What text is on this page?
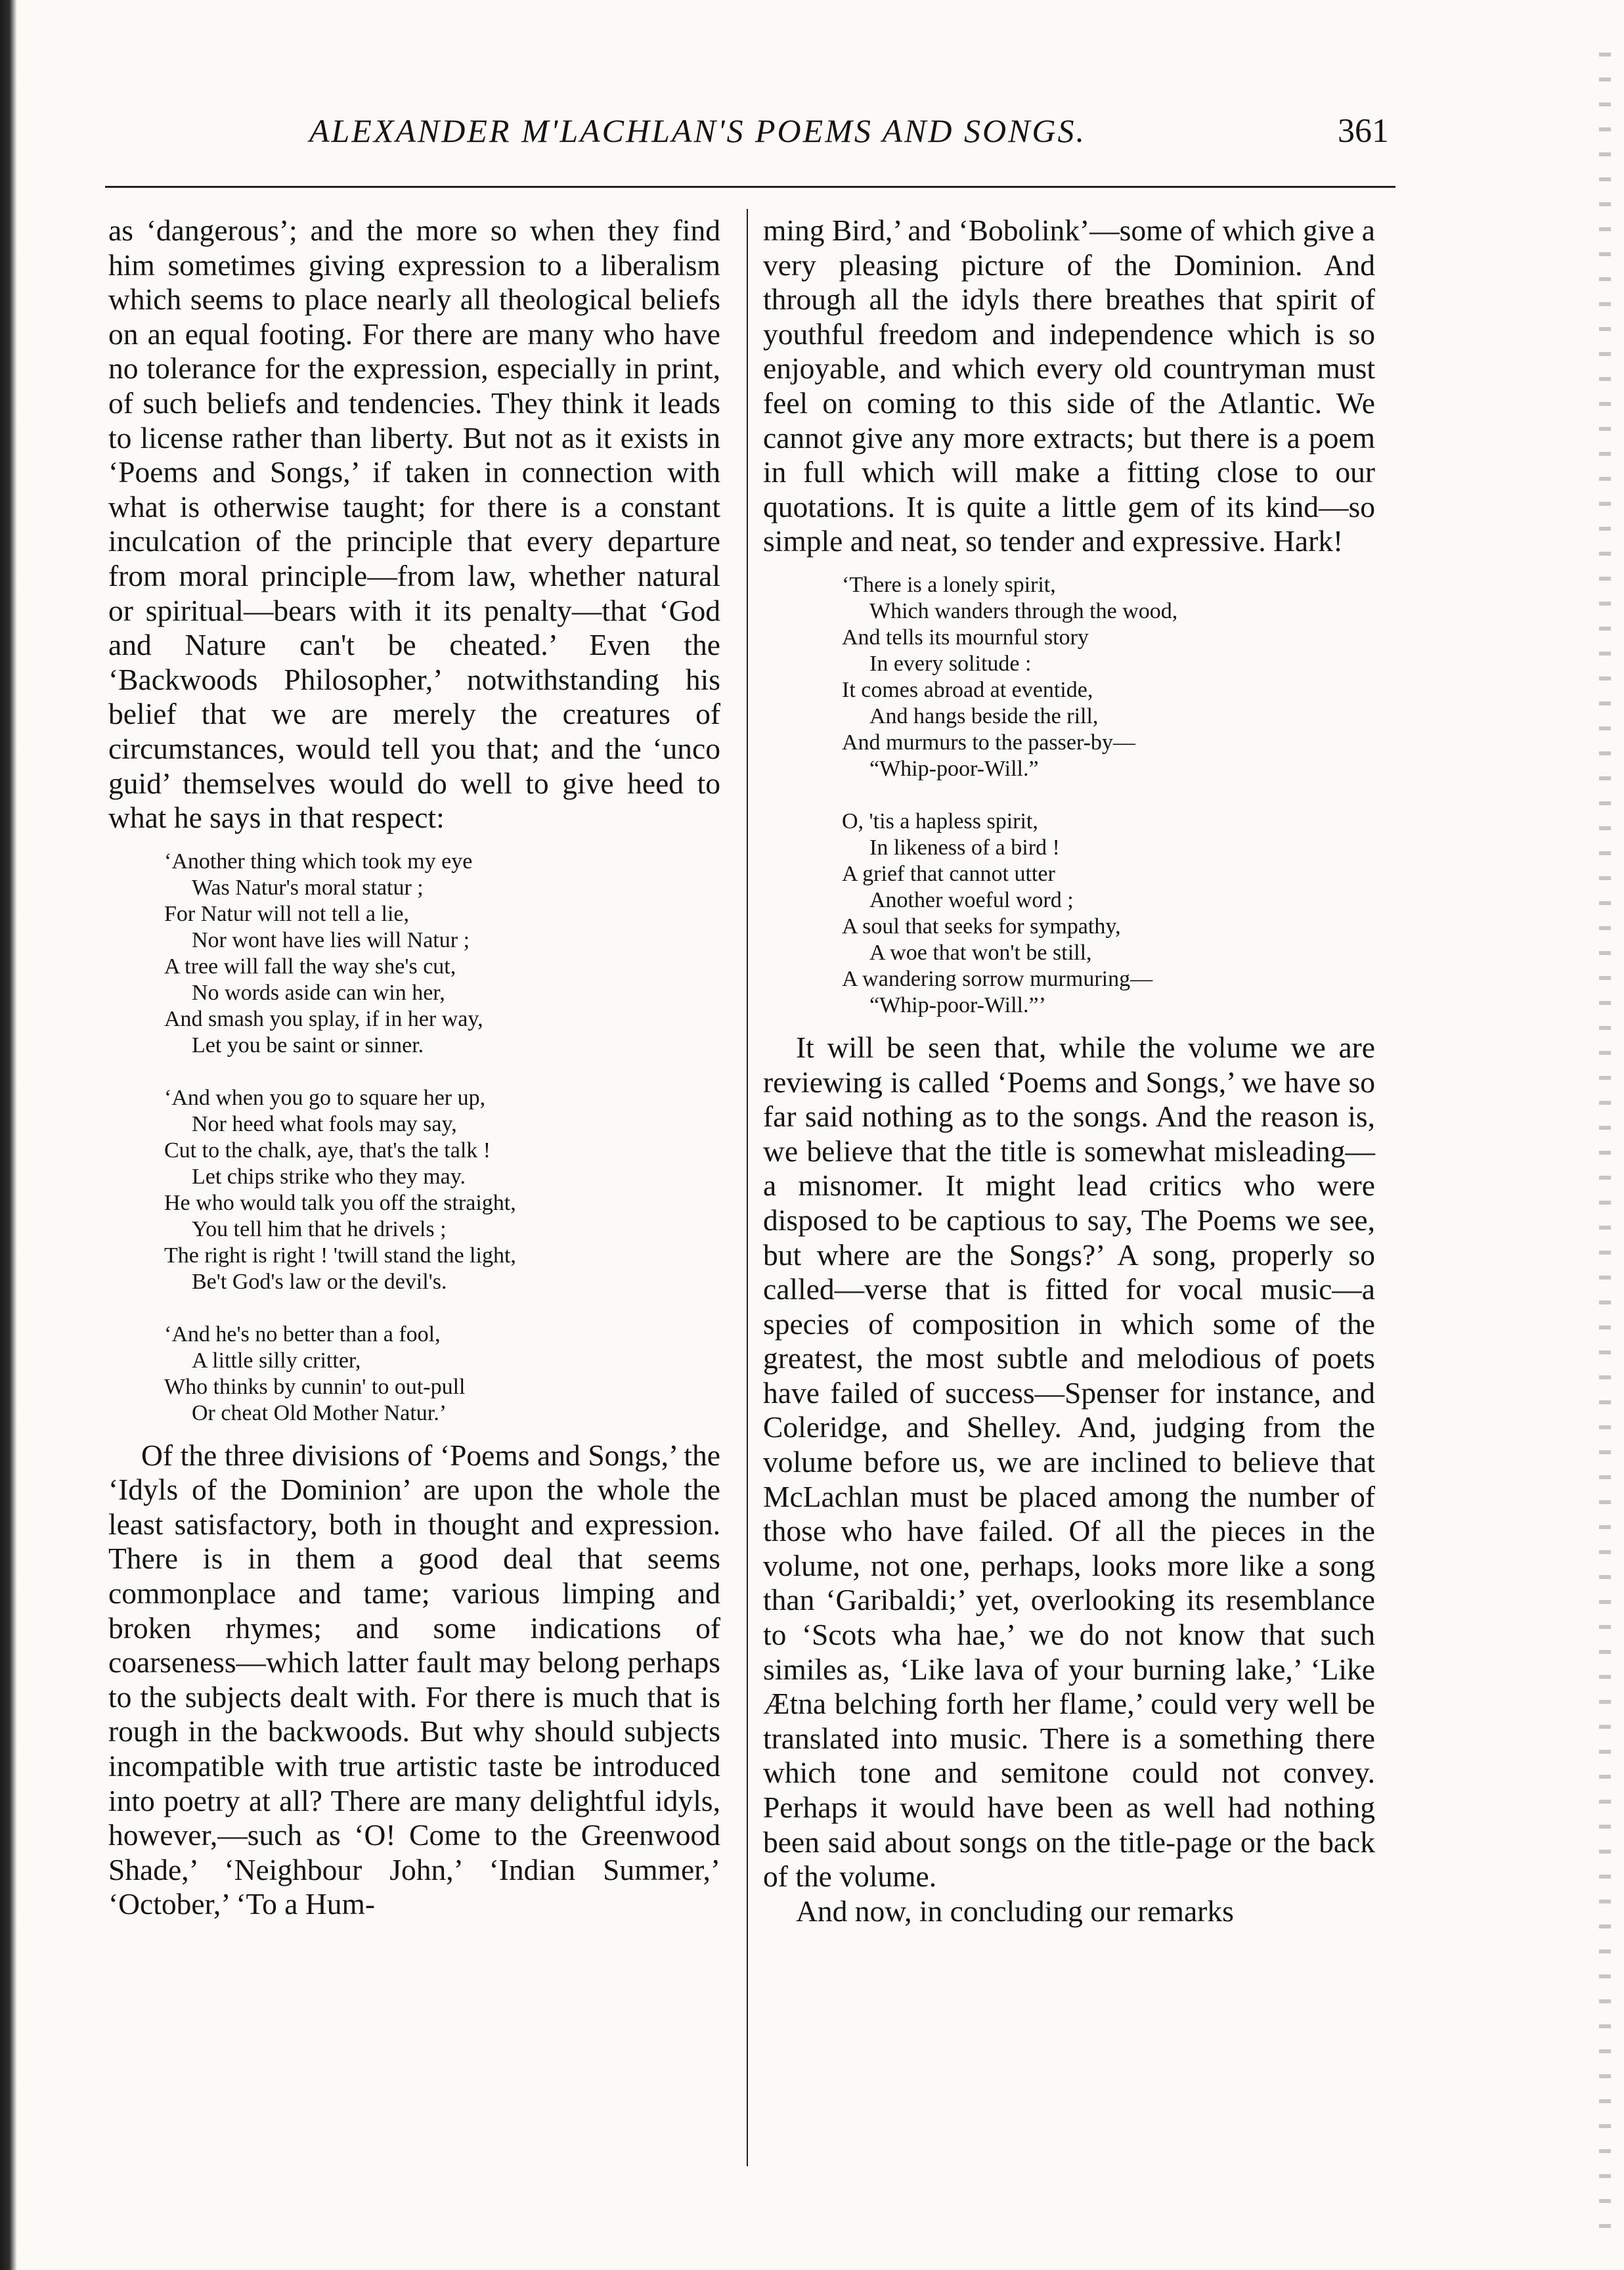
ALEXANDER M'LACHLAN'S POEMS AND SONGS.	361

as ‘dangerous’; and the more so when they find him sometimes giving expression to a liberalism which seems to place nearly all theological beliefs on an equal footing. For there are many who have no tolerance for the expression, especially in print, of such beliefs and tendencies. They think it leads to license rather than liberty. But not as it exists in ‘Poems and Songs,’ if taken in connection with what is otherwise taught; for there is a constant inculcation of the principle that every departure from moral principle—from law, whether natural or spiritual—bears with it its penalty—that ‘God and Nature can't be cheated.’ Even the ‘Backwoods Philosopher,’ notwithstanding his belief that we are merely the creatures of circumstances, would tell you that; and the ‘unco guid’ themselves would do well to give heed to what he says in that respect:

‘Another thing which took my eye
Was Natur's moral statur ;
For Natur will not tell a lie,
Nor wont have lies will Natur ;
A tree will fall the way she's cut,
No words aside can win her,
And smash you splay, if in her way,
Let you be saint or sinner.
‘And when you go to square her up,
Nor heed what fools may say,
Cut to the chalk, aye, that's the talk !
Let chips strike who they may.
He who would talk you off the straight,
You tell him that he drivels ;
The right is right ! 'twill stand the light,
Be't God's law or the devil's.
‘And he's no better than a fool,
A little silly critter,
Who thinks by cunnin' to out-pull
Or cheat Old Mother Natur.’

Of the three divisions of ‘Poems and Songs,’ the ‘Idyls of the Dominion’ are upon the whole the least satisfactory, both in thought and expression. There is in them a good deal that seems commonplace and tame; various limping and broken rhymes; and some indications of coarseness—which latter fault may belong perhaps to the subjects dealt with. For there is much that is rough in the backwoods. But why should subjects incompatible with true artistic taste be introduced into poetry at all? There are many delightful idyls, however,—such as ‘O! Come to the Greenwood Shade,’ ‘Neighbour John,’ ‘Indian Summer,’ ‘October,’ ‘To a Hum-

ming Bird,’ and ‘Bobolink’—some of which give a very pleasing picture of the Dominion. And through all the idyls there breathes that spirit of youthful freedom and independence which is so enjoyable, and which every old countryman must feel on coming to this side of the Atlantic. We cannot give any more extracts; but there is a poem in full which will make a fitting close to our quotations. It is quite a little gem of its kind—so simple and neat, so tender and expressive. Hark!

‘There is a lonely spirit,
Which wanders through the wood,
And tells its mournful story
In every solitude :
It comes abroad at eventide,
And hangs beside the rill,
And murmurs to the passer-by—
“Whip-poor-Will.”
O, 'tis a hapless spirit,
In likeness of a bird !
A grief that cannot utter
Another woeful word ;
A soul that seeks for sympathy,
A woe that won't be still,
A wandering sorrow murmuring—
“Whip-poor-Will.”’

It will be seen that, while the volume we are reviewing is called ‘Poems and Songs,’ we have so far said nothing as to the songs. And the reason is, we believe that the title is somewhat misleading—a misnomer. It might lead critics who were disposed to be captious to say, The Poems we see, but where are the Songs?’ A song, properly so called—verse that is fitted for vocal music—a species of composition in which some of the greatest, the most subtle and melodious of poets have failed of success—Spenser for instance, and Coleridge, and Shelley. And, judging from the volume before us, we are inclined to believe that McLachlan must be placed among the number of those who have failed. Of all the pieces in the volume, not one, perhaps, looks more like a song than ‘Garibaldi;’ yet, overlooking its resemblance to ‘Scots wha hae,’ we do not know that such similes as, ‘Like lava of your burning lake,’ ‘Like Ætna belching forth her flame,’ could very well be translated into music. There is a something there which tone and semitone could not convey. Perhaps it would have been as well had nothing been said about songs on the title-page or the back of the volume.

And now, in concluding our remarks
